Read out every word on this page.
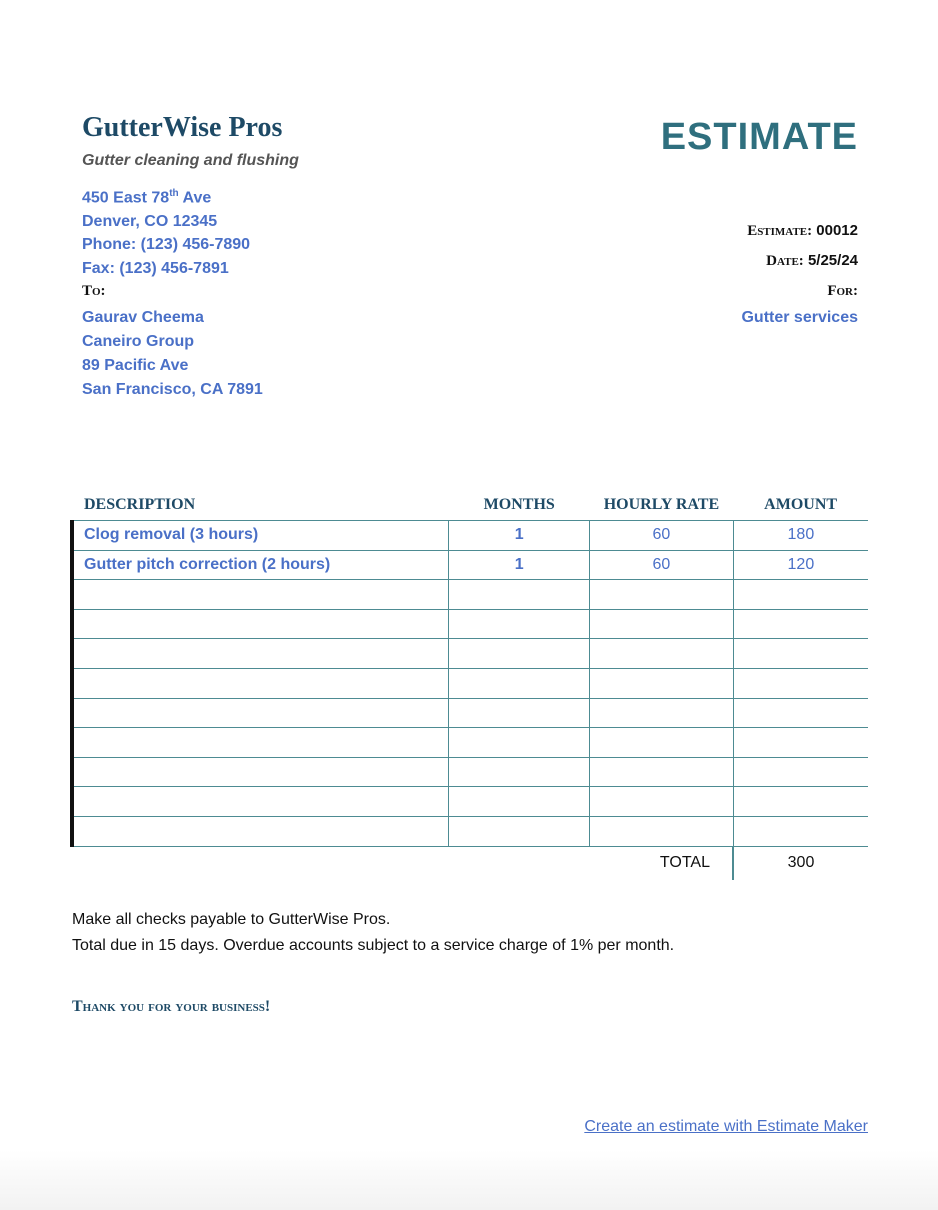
GutterWise Pros
Gutter cleaning and flushing
ESTIMATE
450 East 78th Ave
Denver, CO 12345
Phone: (123) 456-7890
Fax: (123) 456-7891
To:
Gaurav Cheema
Caneiro Group
89 Pacific Ave
San Francisco, CA 7891
Estimate: 00012
Date: 5/25/24
For:
Gutter services
DESCRIPTION	MONTHS	HOURLY RATE	AMOUNT
Clog removal (3 hours)	1	60	180
Gutter pitch correction (2 hours)	1	60	120

TOTAL	300
Make all checks payable to GutterWise Pros.
Total due in 15 days. Overdue accounts subject to a service charge of 1% per month.
Thank you for your business!
Create an estimate with Estimate Maker
